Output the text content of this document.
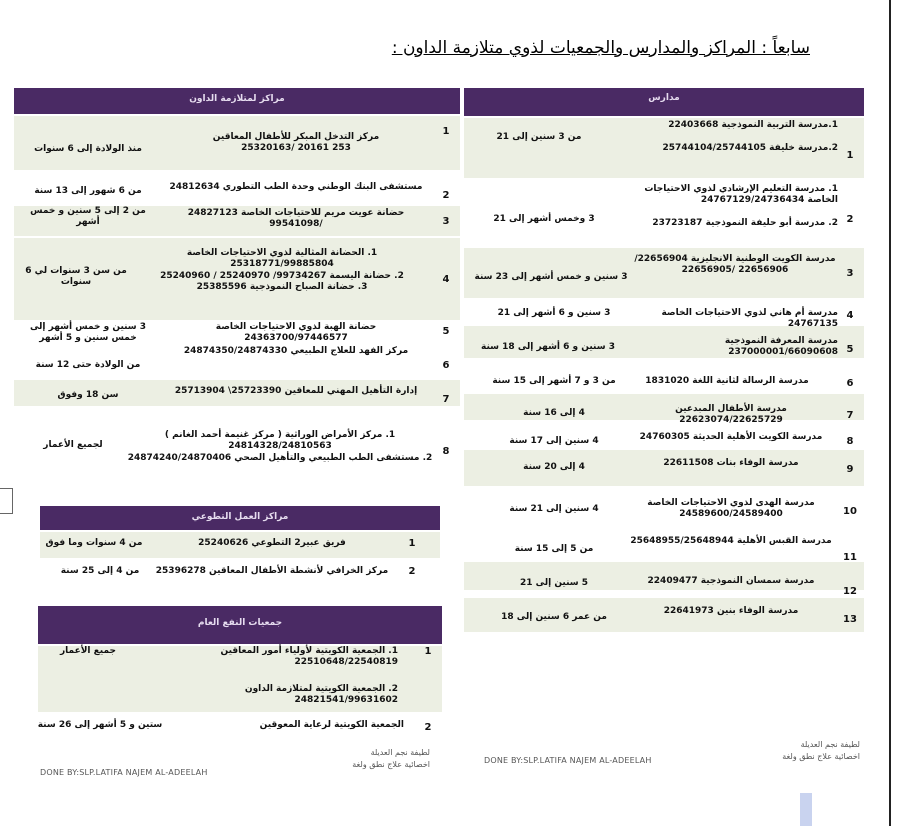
سابعاً : المراكز والمدارس والجمعيات لذوي متلازمة الداون :
مراكز لمتلازمة الداون
1
مركز التدخل المبكر للأطفال المعاقين
253 20161 /25320163
منذ الولادة إلى 6 سنوات
2
مستشفى البنك الوطني وحدة الطب التطوري 24812634
من 6 شهور إلى 13 سنة
3
حضانة عويت مريم للاحتياجات الخاصة 24827123 /99541098
من 2 إلى 5 سنين و خمس أشهر
4
1. الحضانة المثالية لذوي الاحتياجات الخاصة
25318771/99885804
2. حضانة اليسمة 99734267/ 25240970 / 25240960
3. حضانة الصباح النموذجية 25385596
من سن 3 سنوات لي 6 سنوات
5
حضانة الهبة لذوي الاحتياجات الخاصة 24363700/97446577
3 سنين و خمس أشهر إلى خمس سنين و 5 أشهر
6
مركز الفهد للعلاج الطبيعي 24874350/24874330
من الولادة حتى 12 سنة
7
إدارة التأهيل المهني للمعاقين 25723390\ 25713904
سن 18 وفوق
8
1. مركز الأمراض الوراثية ( مركز غنيمة أحمد الغانم )
24814328/24810563
2. مستشفى الطب الطبيعي والتأهيل الصحي 24874240/24870406
لجميع الأعمار
مراكز العمل التطوعي
1
فريق عبير2 التطوعي 25240626
من 4 سنوات وما فوق
2
مركز الخرافي لأنشطة الأطفال المعاقين 25396278
من 4 إلى 25 سنة
جمعيات النفع العام
1
1. الجمعية الكويتية لأولياء أمور المعاقين
22510648/22540819
جميع الأعمار
2. الجمعية الكويتية لمتلازمة الداون
24821541/99631602
2
الجمعية الكويتية لرعاية المعوقين
ستين و 5 أشهر إلى 26 سنة
مدارس
1
1.مدرسة التربية النموذجية 22403668

2.مدرسة خليفة 25744104/25744105
من 3 سنين إلى 21
2
1. مدرسة التعليم الإرشادي لذوي الاحتياجات الخاصة 24767129/24736434

2. مدرسة أبو حليفة النموذجية 23723187
3 وخمس أشهر إلى 21
3
مدرسة الكويت الوطنية الانجليزية 22656904/
22656906 /22656905
3 سنين و خمس أشهر إلى 23 سنة
4
مدرسة أم هاني لذوي الاحتياجات الخاصة 24767135
3 سنين و 6 أشهر إلى 21
5
مدرسة المعرفة النموذجية 237000001/66090608
3 سنين و 6 أشهر إلى 18 سنة
6
مدرسة الرسالة لثانية اللغة 1831020
من 3 و 7 أشهر إلى 15 سنة
7
مدرسة الأطفال المبدعين 22623074/22625729
4 إلى 16 سنة
8
مدرسة الكويت الأهلية الحديثة 24760305
4 سنين إلى 17 سنة
9
مدرسة الوفاء بنات 22611508
4 إلى 20 سنة
10
مدرسة الهدى لذوي الاحتياجات الخاصة
24589600/24589400
4 سنين إلى 21 سنة
11
مدرسة القبس الأهلية 25648955/25648944
من 5 إلى 15 سنة
12
مدرسة سمسان النموذجية 22409477
5 سنين إلى 21
13
مدرسة الوفاء بنين 22641973
من عمر 6 سنين إلى 18
DONE BY:SLP.LATIFA NAJEM AL-ADEELAH
لطيفة نجم العديلة
اخصائية علاج نطق ولغة	DONE BY:SLP.LATIFA NAJEM AL-ADEELAH
لطيفة نجم العديلة
اخصائية علاج نطق ولغة
